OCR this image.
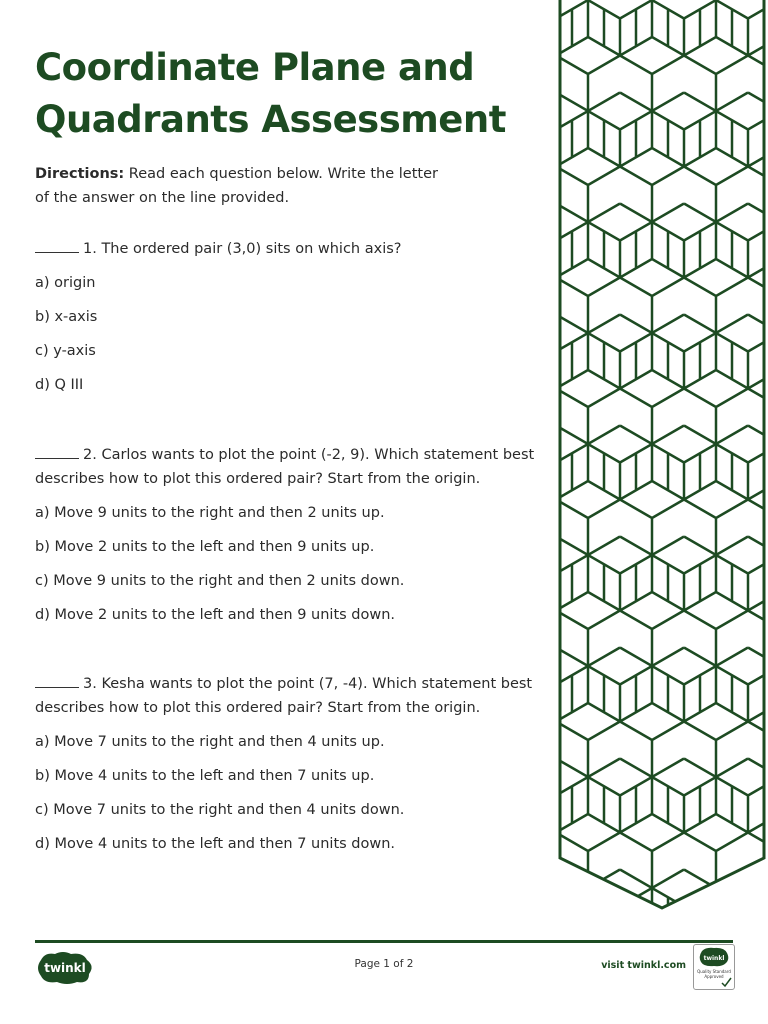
Coordinate Plane and
Quadrants Assessment
Directions: Read each question below. Write the letter of the answer on the line provided.

1. The ordered pair (3,0) sits on which axis?

a) origin

b) x-axis

c) y-axis

d) Q III

2. Carlos wants to plot the point (-2, 9). Which statement best describes how to plot this ordered pair? Start from the origin.

a) Move 9 units to the right and then 2 units up.

b) Move 2 units to the left and then 9 units up.

c) Move 9 units to the right and then 2 units down.

d) Move 2 units to the left and then 9 units down.

3. Kesha wants to plot the point (7, -4). Which statement best describes how to plot this ordered pair? Start from the origin.

a) Move 7 units to the right and then 4 units up.

b) Move 4 units to the left and then 7 units up.

c) Move 7 units to the right and then 4 units down.

d) Move 4 units to the left and then 7 units down.

twinkl	Page 1 of 2	visit twinkl.com
twinkl
Quality Standard Approved
